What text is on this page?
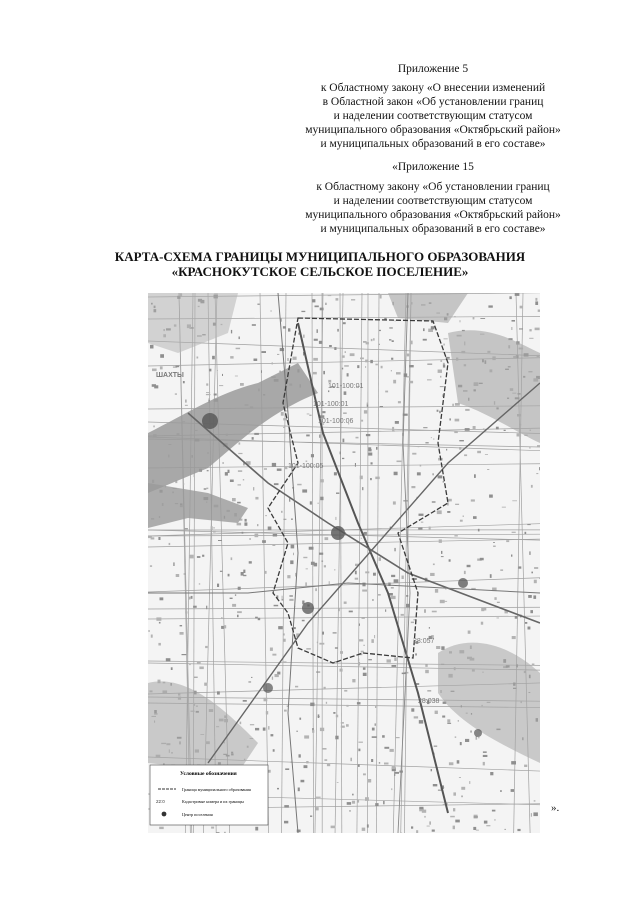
Приложение 5
к Областному закону «О внесении изменений
в Областной закон «Об установлении границ
и наделении соответствующим статусом
муниципального образования «Октябрьский район»
и муниципальных образований в его составе»
«Приложение 15
к Областному закону «Об установлении границ
и наделении соответствующим статусом
муниципального образования «Октябрьский район»
и муниципальных образований в его составе»
КАРТА-СХЕМА ГРАНИЦЫ МУНИЦИПАЛЬНОГО ОБРАЗОВАНИЯ
«КРАСНОКУТСКОЕ СЕЛЬСКОЕ ПОСЕЛЕНИЕ»
ШАХТЫ
101-100:01
101-100:01
101-100:06
101-100:05
28:038
28:057
Условные обозначения
Граница муниципального образования
22:0	Кадастровые номера и их границы
Центр поселения
».
